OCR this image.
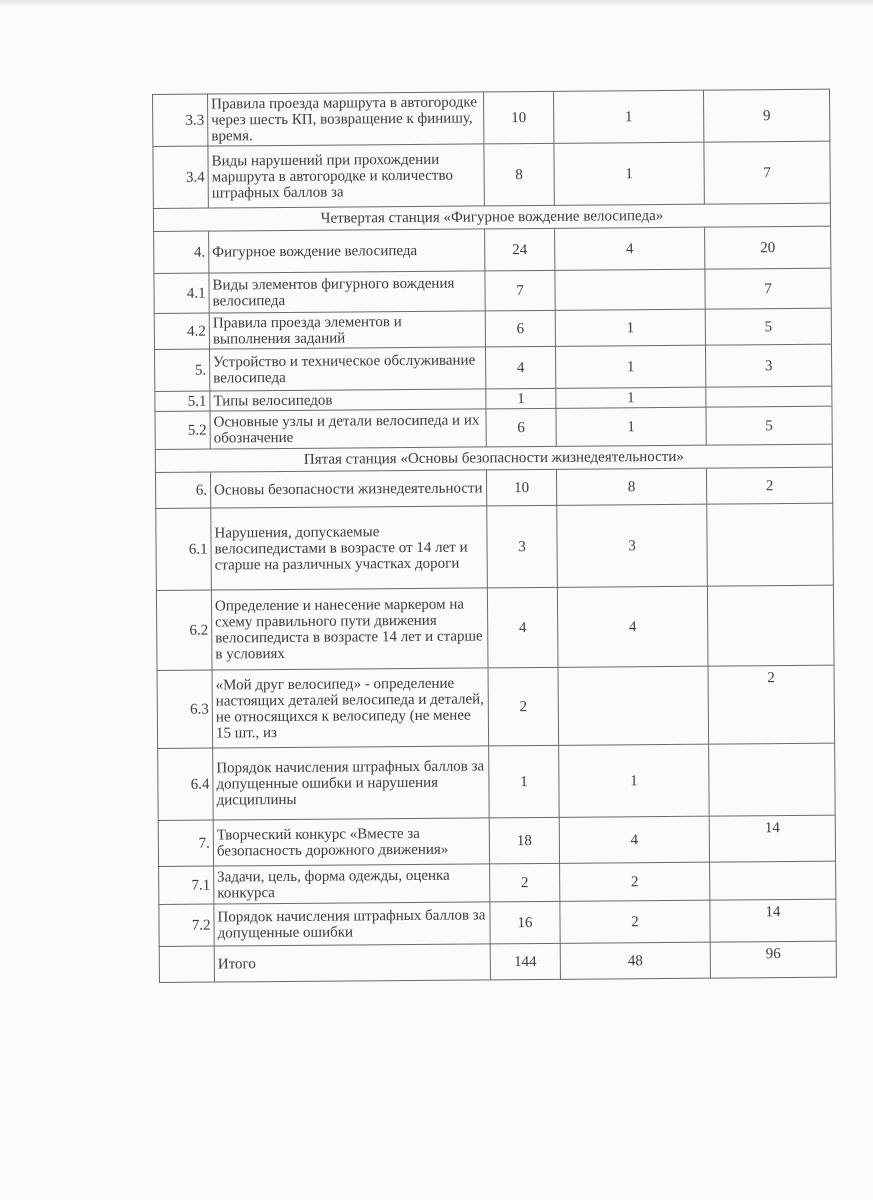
3.3	Правила проезда маршрута в автогородке через шесть КП, возвращение к финишу, время.	10	1	9
3.4	Виды нарушений при прохождении маршрута в автогородке и количество штрафных баллов за	8	1	7
Четвертая станция «Фигурное вождение велосипеда»				
4.	Фигурное вождение велосипеда	24	4	20
4.1	Виды элементов фигурного вождения велосипеда	7		7
4.2	Правила проезда элементов и выполнения заданий	6	1	5
5.	Устройство и техническое обслуживание велосипеда	4	1	3
5.1	Типы велосипедов	1	1	
5.2	Основные узлы и детали велосипеда и их обозначение	6	1	5
Пятая станция «Основы безопасности жизнедеятельности»				
6.	Основы безопасности жизнедеятельности	10	8	2
6.1	Нарушения, допускаемые велосипедистами в возрасте от 14 лет и старше на различных участках дороги	3	3	
6.2	Определение и нанесение маркером на схему правильного пути движения велосипедиста в возрасте 14 лет и старше в условиях	4	4	
6.3	«Мой друг велосипед» - определение настоящих деталей велосипеда и деталей, не относящихся к велосипеду (не менее 15 шт., из	2		2
6.4	Порядок начисления штрафных баллов за допущенные ошибки и нарушения дисциплины	1	1	
7.	Творческий конкурс «Вместе за безопасность дорожного движения»	18	4	14
7.1	Задачи, цель, форма одежды, оценка конкурса	2	2	
7.2	Порядок начисления штрафных баллов за допущенные ошибки	16	2	14
	Итого	144	48	96
